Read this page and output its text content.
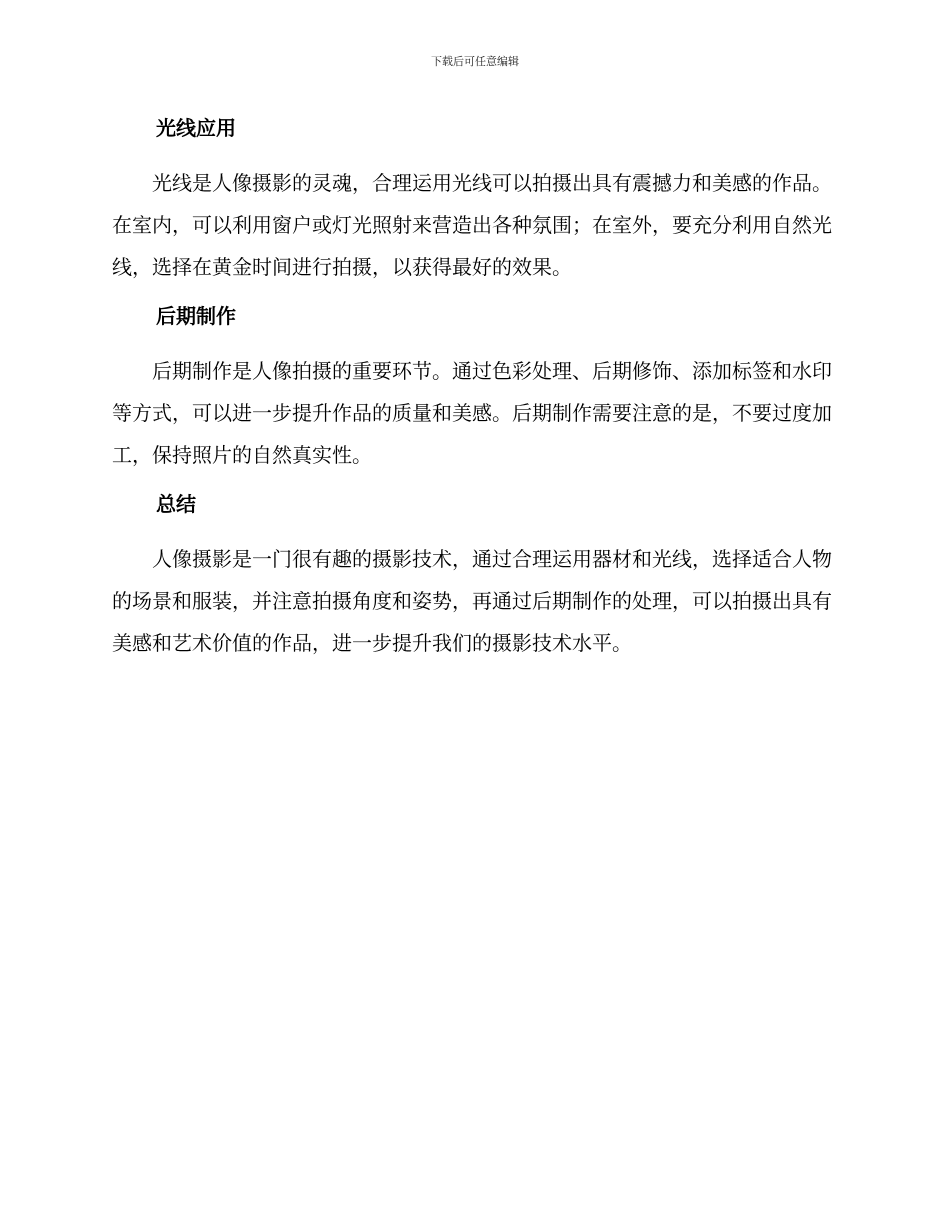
下载后可任意编辑
光线应用

光线是人像摄影的灵魂，合理运用光线可以拍摄出具有震撼力和美感的作品。在室内，可以利用窗户或灯光照射来营造出各种氛围；在室外，要充分利用自然光线，选择在黄金时间进行拍摄，以获得最好的效果。

后期制作

后期制作是人像拍摄的重要环节。通过色彩处理、后期修饰、添加标签和水印等方式，可以进一步提升作品的质量和美感。后期制作需要注意的是，不要过度加工，保持照片的自然真实性。

总结

人像摄影是一门很有趣的摄影技术，通过合理运用器材和光线，选择适合人物的场景和服装，并注意拍摄角度和姿势，再通过后期制作的处理，可以拍摄出具有美感和艺术价值的作品，进一步提升我们的摄影技术水平。
